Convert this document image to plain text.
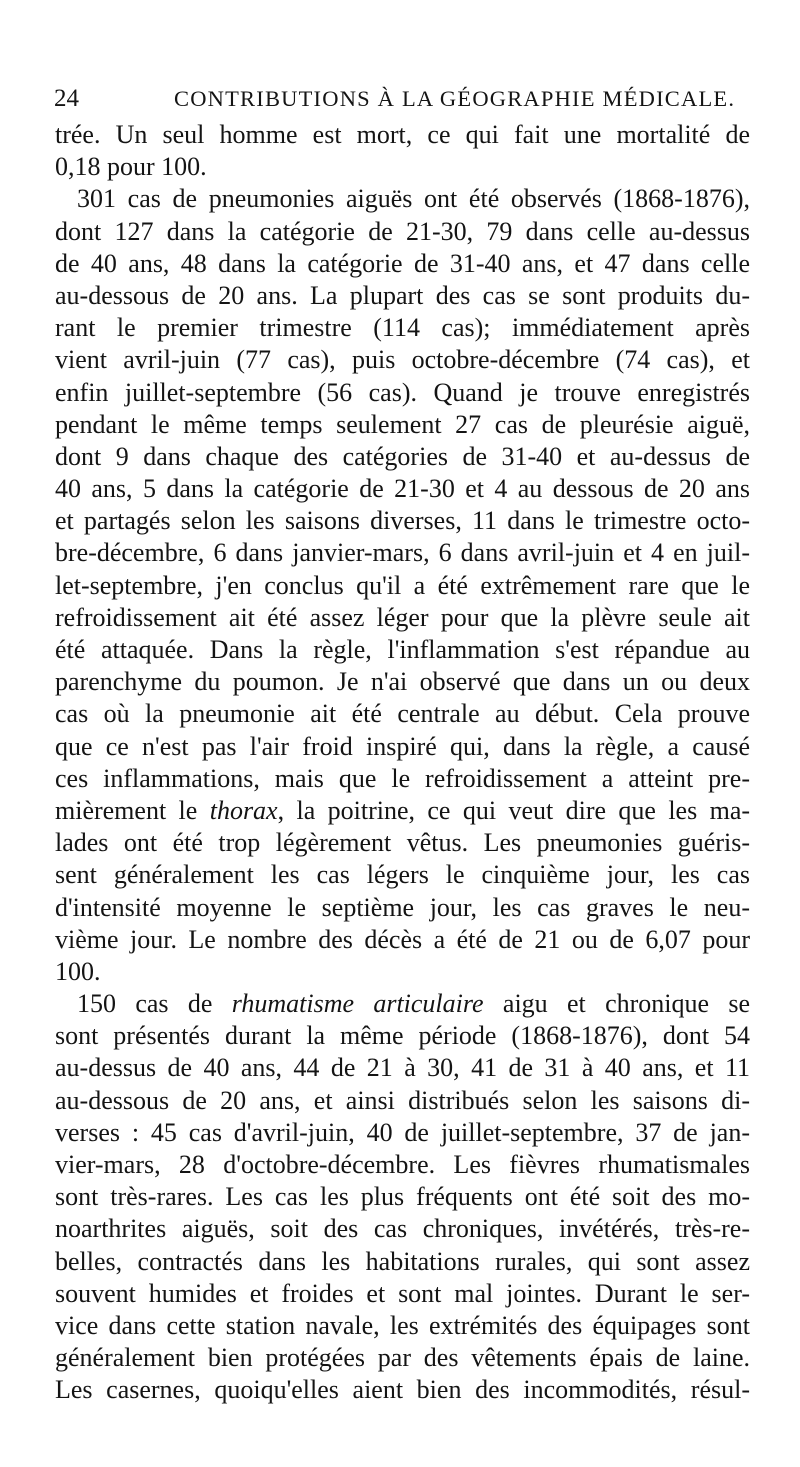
24	CONTRIBUTIONS À LA GÉOGRAPHIE MÉDICALE.
trée. Un seul homme est mort, ce qui fait une mortalité de
0,18 pour 100.
301 cas de pneumonies aiguës ont été observés (1868-1876),
dont 127 dans la catégorie de 21-30, 79 dans celle au-dessus
de 40 ans, 48 dans la catégorie de 31-40 ans, et 47 dans celle
au-dessous de 20 ans. La plupart des cas se sont produits du-
rant le premier trimestre (114 cas); immédiatement après
vient avril-juin (77 cas), puis octobre-décembre (74 cas), et
enfin juillet-septembre (56 cas). Quand je trouve enregistrés
pendant le même temps seulement 27 cas de pleurésie aiguë,
dont 9 dans chaque des catégories de 31-40 et au-dessus de
40 ans, 5 dans la catégorie de 21-30 et 4 au dessous de 20 ans
et partagés selon les saisons diverses, 11 dans le trimestre octo-
bre-décembre, 6 dans janvier-mars, 6 dans avril-juin et 4 en juil-
let-septembre, j'en conclus qu'il a été extrêmement rare que le
refroidissement ait été assez léger pour que la plèvre seule ait
été attaquée. Dans la règle, l'inflammation s'est répandue au
parenchyme du poumon. Je n'ai observé que dans un ou deux
cas où la pneumonie ait été centrale au début. Cela prouve
que ce n'est pas l'air froid inspiré qui, dans la règle, a causé
ces inflammations, mais que le refroidissement a atteint pre-
mièrement le thorax, la poitrine, ce qui veut dire que les ma-
lades ont été trop légèrement vêtus. Les pneumonies guéris-
sent généralement les cas légers le cinquième jour, les cas
d'intensité moyenne le septième jour, les cas graves le neu-
vième jour. Le nombre des décès a été de 21 ou de 6,07 pour
100.
150 cas de rhumatisme articulaire aigu et chronique se
sont présentés durant la même période (1868-1876), dont 54
au-dessus de 40 ans, 44 de 21 à 30, 41 de 31 à 40 ans, et 11
au-dessous de 20 ans, et ainsi distribués selon les saisons di-
verses : 45 cas d'avril-juin, 40 de juillet-septembre, 37 de jan-
vier-mars, 28 d'octobre-décembre. Les fièvres rhumatismales
sont très-rares. Les cas les plus fréquents ont été soit des mo-
noarthrites aiguës, soit des cas chroniques, invétérés, très-re-
belles, contractés dans les habitations rurales, qui sont assez
souvent humides et froides et sont mal jointes. Durant le ser-
vice dans cette station navale, les extrémités des équipages sont
généralement bien protégées par des vêtements épais de laine.
Les casernes, quoiqu'elles aient bien des incommodités, résul-
